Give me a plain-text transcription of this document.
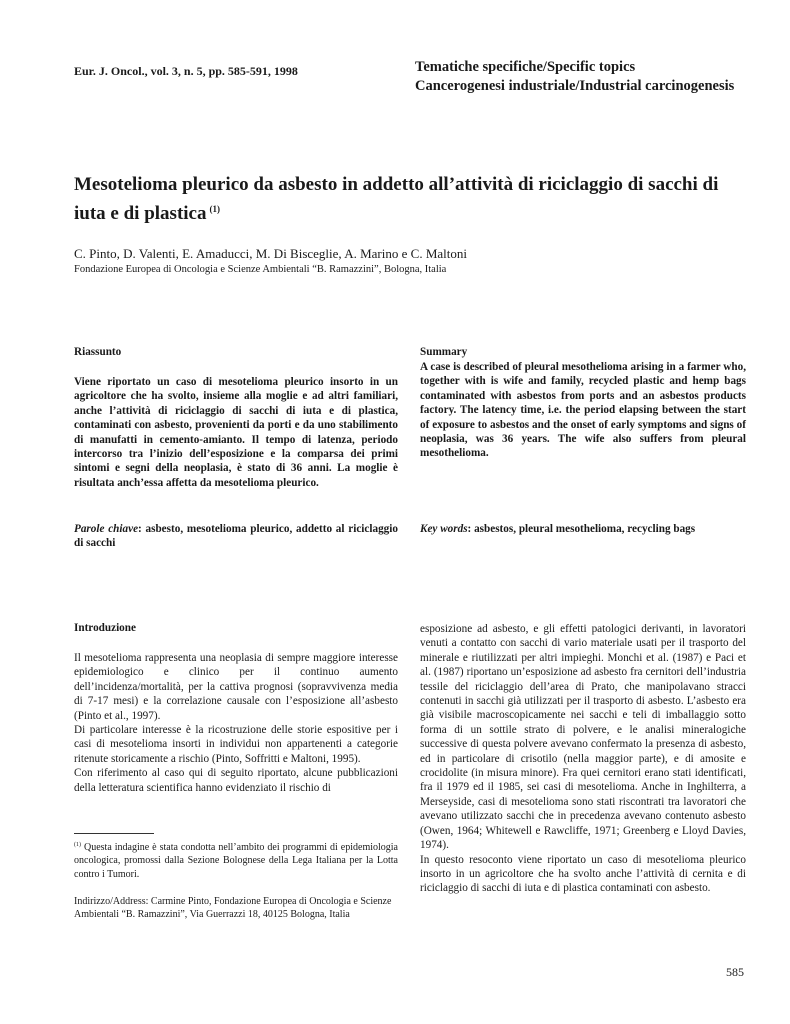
Eur. J. Oncol., vol. 3, n. 5, pp. 585-591, 1998	Tematiche specifiche/Specific topics
Cancerogenesi industriale/Industrial carcinogenesis
Mesotelioma pleurico da asbesto in addetto all’attività di riciclaggio di sacchi di iuta e di plastica $^{(1)}$
C. Pinto, D. Valenti, E. Amaducci, M. Di Bisceglie, A. Marino e C. Maltoni
Fondazione Europea di Oncologia e Scienze Ambientali “B. Ramazzini”, Bologna, Italia
Riassunto
Viene riportato un caso di mesotelioma pleurico insorto in un agricoltore che ha svolto, insieme alla moglie e ad altri familiari, anche l’attività di riciclaggio di sacchi di iuta e di plastica, contaminati con asbesto, provenienti da porti e da uno stabilimento di manufatti in cemento-amianto. Il tempo di latenza, periodo intercorso tra l’inizio dell’esposizione e la comparsa dei primi sintomi e segni della neoplasia, è stato di 36 anni. La moglie è risultata anch’essa affetta da mesotelioma pleurico.
Parole chiave: asbesto, mesotelioma pleurico, addetto al riciclaggio di sacchi
Summary
A case is described of pleural mesothelioma arising in a farmer who, together with is wife and family, recycled plastic and hemp bags contaminated with asbestos from ports and an asbestos products factory. The latency time, i.e. the period elapsing between the start of exposure to asbestos and the onset of early symptoms and signs of neoplasia, was 36 years. The wife also suffers from pleural mesothelioma.
Key words: asbestos, pleural mesothelioma, recycling bags
Introduzione

Il mesotelioma rappresenta una neoplasia di sempre maggiore interesse epidemiologico e clinico per il continuo aumento dell’incidenza/mortalità, per la cattiva prognosi (sopravvivenza media di 7-17 mesi) e la correlazione causale con l’esposizione all’asbesto (Pinto et al., 1997).

Di particolare interesse è la ricostruzione delle storie espositive per i casi di mesotelioma insorti in individui non appartenenti a categorie ritenute storicamente a rischio (Pinto, Soffritti e Maltoni, 1995).

Con riferimento al caso qui di seguito riportato, alcune pubblicazioni della letteratura scientifica hanno evidenziato il rischio di

esposizione ad asbesto, e gli effetti patologici derivanti, in lavoratori venuti a contatto con sacchi di vario materiale usati per il trasporto del minerale e riutilizzati per altri impieghi. Monchi et al. (1987) e Paci et al. (1987) riportano un’esposizione ad asbesto fra cernitori dell’industria tessile del riciclaggio dell’area di Prato, che manipolavano stracci contenuti in sacchi già utilizzati per il trasporto di asbesto. L’asbesto era già visibile macroscopicamente nei sacchi e teli di imballaggio sotto forma di un sottile strato di polvere, e le analisi mineralogiche successive di questa polvere avevano confermato la presenza di asbesto, ed in particolare di crisotilo (nella maggior parte), e di amosite e crocidolite (in misura minore). Fra quei cernitori erano stati identificati, fra il 1979 ed il 1985, sei casi di mesotelioma. Anche in Inghilterra, a Merseyside, casi di mesotelioma sono stati riscontrati tra lavoratori che avevano utilizzato sacchi che in precedenza avevano contenuto asbesto (Owen, 1964; Whitewell e Rawcliffe, 1971; Greenberg e Lloyd Davies, 1974).

In questo resoconto viene riportato un caso di mesotelioma pleurico insorto in un agricoltore che ha svolto anche l’attività di cernita e di riciclaggio di sacchi di iuta e di plastica contaminati con asbesto.

$^{(1)}$ Questa indagine è stata condotta nell’ambito dei programmi di epidemiologia oncologica, promossi dalla Sezione Bolognese della Lega Italiana per la Lotta contro i Tumori.
Indirizzo/Address: Carmine Pinto, Fondazione Europea di Oncologia e Scienze Ambientali “B. Ramazzini”, Via Guerrazzi 18, 40125 Bologna, Italia
585
